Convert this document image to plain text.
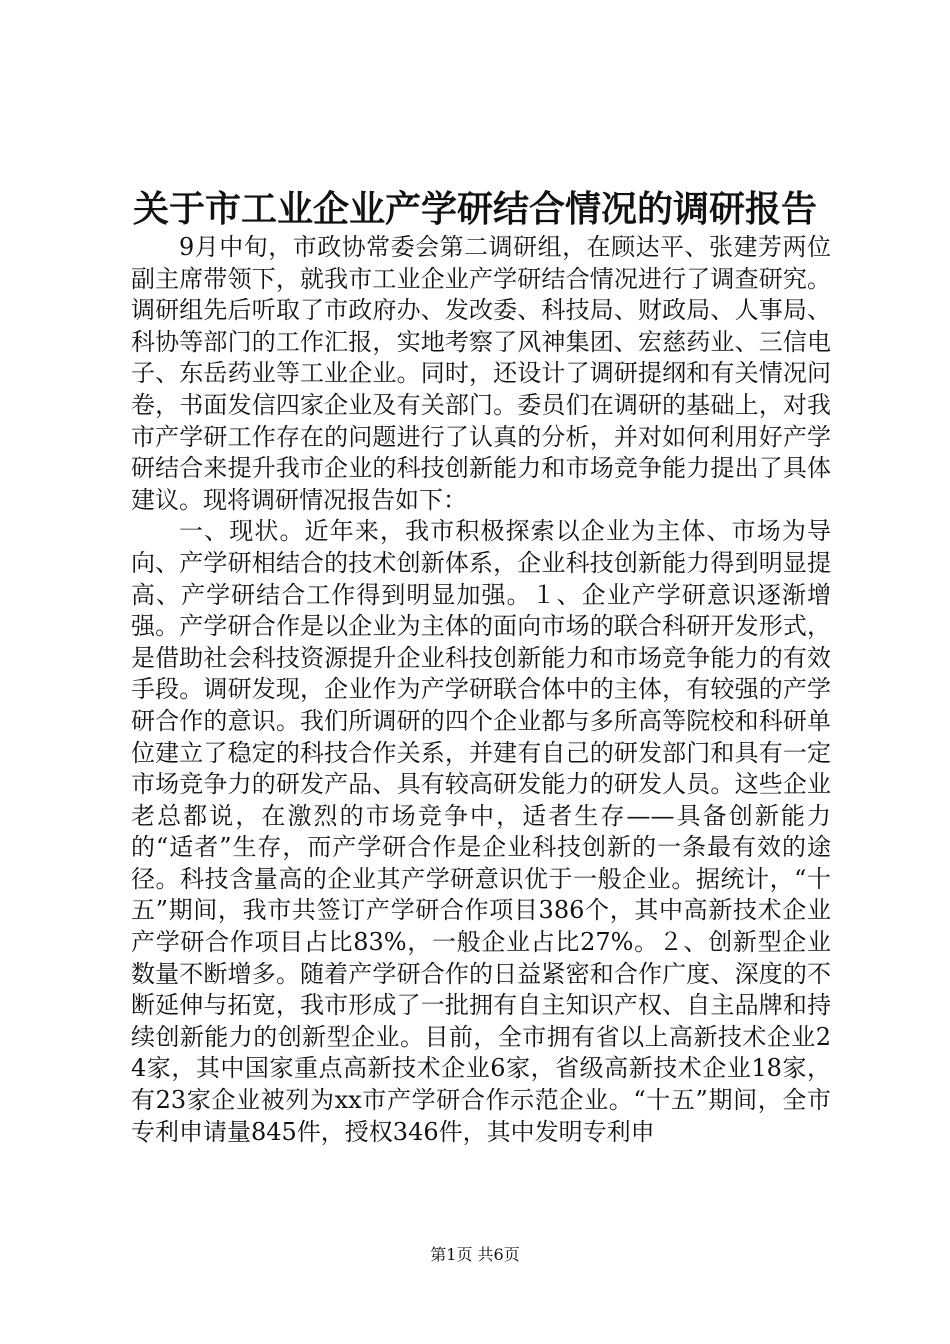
关于市工业企业产学研结合情况的调研报告

9月中旬，市政协常委会第二调研组，在顾达平、张建芳两位副主席带领下，就我市工业企业产学研结合情况进行了调查研究。调研组先后听取了市政府办、发改委、科技局、财政局、人事局、科协等部门的工作汇报，实地考察了风神集团、宏慈药业、三信电子、东岳药业等工业企业。同时，还设计了调研提纲和有关情况问卷，书面发信四家企业及有关部门。委员们在调研的基础上，对我市产学研工作存在的问题进行了认真的分析，并对如何利用好产学研结合来提升我市企业的科技创新能力和市场竞争能力提出了具体建议。现将调研情况报告如下：

一、现状。近年来，我市积极探索以企业为主体、市场为导向、产学研相结合的技术创新体系，企业科技创新能力得到明显提高、产学研结合工作得到明显加强。１、企业产学研意识逐渐增强。产学研合作是以企业为主体的面向市场的联合科研开发形式，是借助社会科技资源提升企业科技创新能力和市场竞争能力的有效手段。调研发现，企业作为产学研联合体中的主体，有较强的产学研合作的意识。我们所调研的四个企业都与多所高等院校和科研单位建立了稳定的科技合作关系，并建有自己的研发部门和具有一定市场竞争力的研发产品、具有较高研发能力的研发人员。这些企业老总都说，在激烈的市场竞争中，适者生存——具备创新能力的“适者”生存，而产学研合作是企业科技创新的一条最有效的途径。科技含量高的企业其产学研意识优于一般企业。据统计，“十五”期间，我市共签订产学研合作项目386个，其中高新技术企业产学研合作项目占比83%，一般企业占比27%。２、创新型企业数量不断增多。随着产学研合作的日益紧密和合作广度、深度的不断延伸与拓宽，我市形成了一批拥有自主知识产权、自主品牌和持续创新能力的创新型企业。目前，全市拥有省以上高新技术企业24家，其中国家重点高新技术企业6家，省级高新技术企业18家，有23家企业被列为xx市产学研合作示范企业。“十五”期间，全市专利申请量845件，授权346件，其中发明专利申

第1页 共6页
